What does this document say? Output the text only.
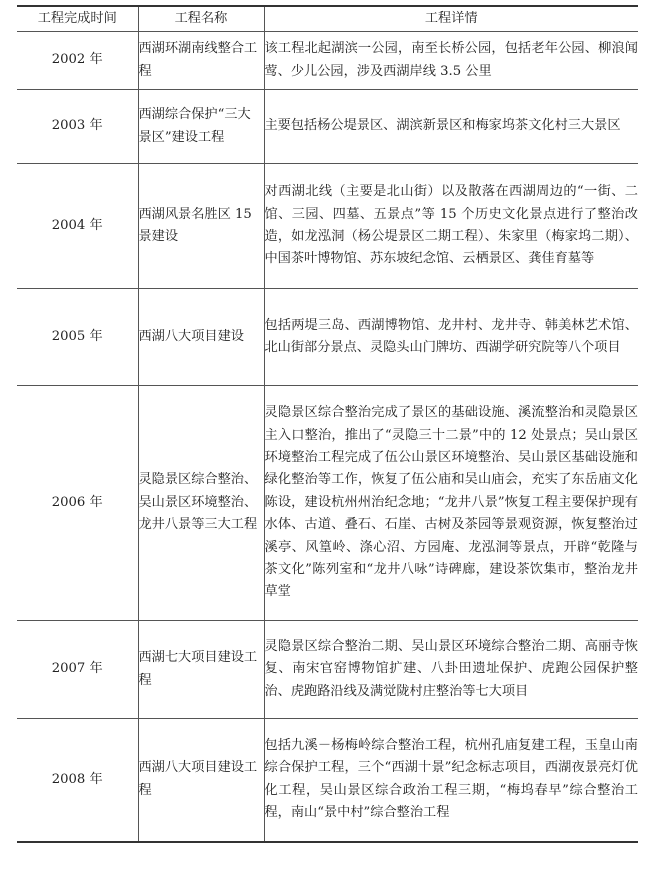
工程完成时间	工程名称	工程详情
2002 年	西湖环湖南线整合工程	该工程北起湖滨一公园，南至长桥公园，包括老年公园、柳浪闻莺、少儿公园，涉及西湖岸线 3.5 公里
2003 年	西湖综合保护“三大景区”建设工程	主要包括杨公堤景区、湖滨新景区和梅家坞茶文化村三大景区
2004 年	西湖风景名胜区 15 景建设	对西湖北线（主要是北山街）以及散落在西湖周边的“一街、二馆、三园、四墓、五景点”等 15 个历史文化景点进行了整治改造，如龙泓洞（杨公堤景区二期工程）、朱家里（梅家坞二期）、中国茶叶博物馆、苏东坡纪念馆、云栖景区、龚佳育墓等
2005 年	西湖八大项目建设	包括两堤三岛、西湖博物馆、龙井村、龙井寺、韩美林艺术馆、北山街部分景点、灵隐头山门牌坊、西湖学研究院等八个项目
2006 年	灵隐景区综合整治、吴山景区环境整治、龙井八景等三大工程	灵隐景区综合整治完成了景区的基础设施、溪流整治和灵隐景区主入口整治，推出了“灵隐三十二景”中的 12 处景点；吴山景区环境整治工程完成了伍公山景区环境整治、吴山景区基础设施和绿化整治等工作，恢复了伍公庙和吴山庙会，充实了东岳庙文化陈设，建设杭州州治纪念地；“龙井八景”恢复工程主要保护现有水体、古道、叠石、石崖、古树及茶园等景观资源，恢复整治过溪亭、风篁岭、涤心沼、方园庵、龙泓洞等景点，开辟“乾隆与茶文化”陈列室和“龙井八咏”诗碑廊，建设茶饮集市，整治龙井草堂
2007 年	西湖七大项目建设工程	灵隐景区综合整治二期、吴山景区环境综合整治二期、高丽寺恢复、南宋官窑博物馆扩建、八卦田遗址保护、虎跑公园保护整治、虎跑路沿线及满觉陇村庄整治等七大项目
2008 年	西湖八大项目建设工程	包括九溪－杨梅岭综合整治工程，杭州孔庙复建工程，玉皇山南综合保护工程，三个“西湖十景”纪念标志项目，西湖夜景亮灯优化工程，吴山景区综合政治工程三期，“梅坞春早”综合整治工程，南山“景中村”综合整治工程
